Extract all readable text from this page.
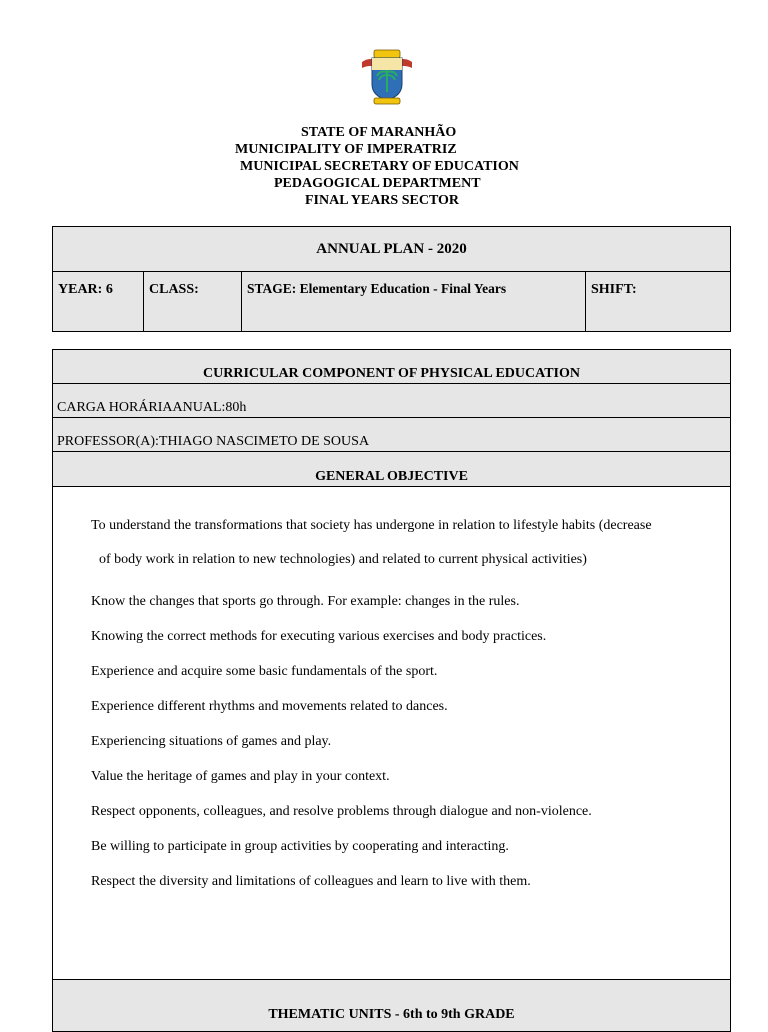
STATE OF MARANHÃO
MUNICIPALITY OF IMPERATRIZ
MUNICIPAL SECRETARY OF EDUCATION
PEDAGOGICAL DEPARTMENT
FINAL YEARS SECTOR
ANNUAL PLAN - 2020
YEAR: 6	CLASS:	STAGE: Elementary Education - Final Years	SHIFT:
CURRICULAR COMPONENT OF PHYSICAL EDUCATION
CARGA HORÁRIAANUAL:80h
PROFESSOR(A):THIAGO NASCIMETO DE SOUSA
GENERAL OBJECTIVE

To understand the transformations that society has undergone in relation to lifestyle habits (decrease
of body work in relation to new technologies) and related to current physical activities)
Know the changes that sports go through. For example: changes in the rules.
Knowing the correct methods for executing various exercises and body practices.
Experience and acquire some basic fundamentals of the sport.
Experience different rhythms and movements related to dances.
Experiencing situations of games and play.
Value the heritage of games and play in your context.
Respect opponents, colleagues, and resolve problems through dialogue and non-violence.
Be willing to participate in group activities by cooperating and interacting.
Respect the diversity and limitations of colleagues and learn to live with them.

THEMATIC UNITS - 6th to 9th GRADE
